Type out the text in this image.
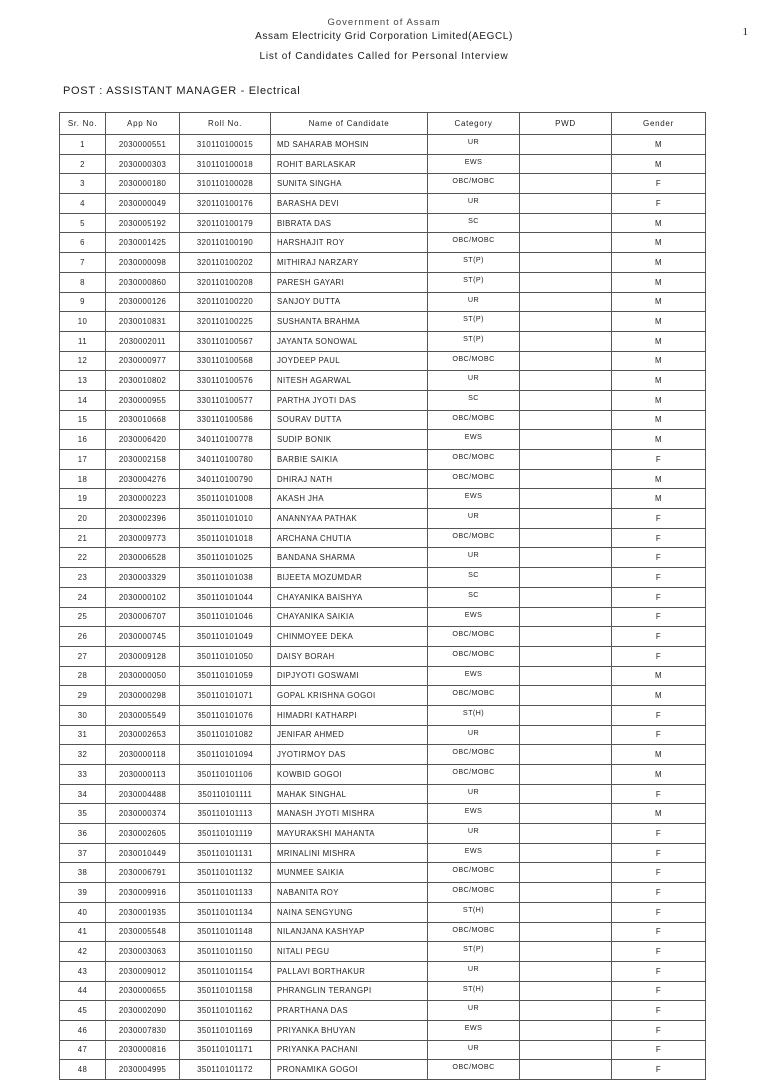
1
Government of Assam
Assam Electricity Grid Corporation Limited(AEGCL)
List of Candidates Called for Personal Interview
POST : ASSISTANT MANAGER - Electrical
Sr. No.	App No	Roll No.	Name of Candidate	Category	PWD	Gender
1	2030000551	310110100015	MD SAHARAB MOHSIN	UR		M
2	2030000303	310110100018	ROHIT BARLASKAR	EWS		M
3	2030000180	310110100028	SUNITA SINGHA	OBC/MOBC		F
4	2030000049	320110100176	BARASHA DEVI	UR		F
5	2030005192	320110100179	BIBRATA DAS	SC		M
6	2030001425	320110100190	HARSHAJIT ROY	OBC/MOBC		M
7	2030000098	320110100202	MITHIRAJ NARZARY	ST(P)		M
8	2030000860	320110100208	PARESH GAYARI	ST(P)		M
9	2030000126	320110100220	SANJOY DUTTA	UR		M
10	2030010831	320110100225	SUSHANTA BRAHMA	ST(P)		M
11	2030002011	330110100567	JAYANTA SONOWAL	ST(P)		M
12	2030000977	330110100568	JOYDEEP PAUL	OBC/MOBC		M
13	2030010802	330110100576	NITESH AGARWAL	UR		M
14	2030000955	330110100577	PARTHA JYOTI DAS	SC		M
15	2030010668	330110100586	SOURAV DUTTA	OBC/MOBC		M
16	2030006420	340110100778	SUDIP BONIK	EWS		M
17	2030002158	340110100780	BARBIE SAIKIA	OBC/MOBC		F
18	2030004276	340110100790	DHIRAJ NATH	OBC/MOBC		M
19	2030000223	350110101008	AKASH JHA	EWS		M
20	2030002396	350110101010	ANANNYAA PATHAK	UR		F
21	2030009773	350110101018	ARCHANA CHUTIA	OBC/MOBC		F
22	2030006528	350110101025	BANDANA SHARMA	UR		F
23	2030003329	350110101038	BIJEETA MOZUMDAR	SC		F
24	2030000102	350110101044	CHAYANIKA BAISHYA	SC		F
25	2030006707	350110101046	CHAYANIKA SAIKIA	EWS		F
26	2030000745	350110101049	CHINMOYEE DEKA	OBC/MOBC		F
27	2030009128	350110101050	DAISY BORAH	OBC/MOBC		F
28	2030000050	350110101059	DIPJYOTI GOSWAMI	EWS		M
29	2030000298	350110101071	GOPAL KRISHNA GOGOI	OBC/MOBC		M
30	2030005549	350110101076	HIMADRI KATHARPI	ST(H)		F
31	2030002653	350110101082	JENIFAR AHMED	UR		F
32	2030000118	350110101094	JYOTIRMOY DAS	OBC/MOBC		M
33	2030000113	350110101106	KOWBID GOGOI	OBC/MOBC		M
34	2030004488	350110101111	MAHAK SINGHAL	UR		F
35	2030000374	350110101113	MANASH JYOTI MISHRA	EWS		M
36	2030002605	350110101119	MAYURAKSHI MAHANTA	UR		F
37	2030010449	350110101131	MRINALINI MISHRA	EWS		F
38	2030006791	350110101132	MUNMEE SAIKIA	OBC/MOBC		F
39	2030009916	350110101133	NABANITA ROY	OBC/MOBC		F
40	2030001935	350110101134	NAINA SENGYUNG	ST(H)		F
41	2030005548	350110101148	NILANJANA KASHYAP	OBC/MOBC		F
42	2030003063	350110101150	NITALI PEGU	ST(P)		F
43	2030009012	350110101154	PALLAVI BORTHAKUR	UR		F
44	2030000655	350110101158	PHRANGLIN TERANGPI	ST(H)		F
45	2030002090	350110101162	PRARTHANA DAS	UR		F
46	2030007830	350110101169	PRIYANKA BHUYAN	EWS		F
47	2030000816	350110101171	PRIYANKA PACHANI	UR		F
48	2030004995	350110101172	PRONAMIKA GOGOI	OBC/MOBC		F
